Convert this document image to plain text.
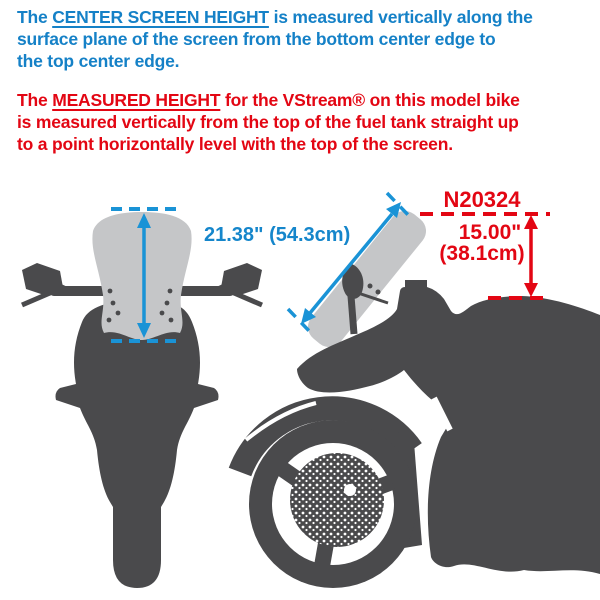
21.38" (54.3cm)
N20324
15.00"
(38.1cm)
The CENTER SCREEN HEIGHT is measured vertically along the
surface plane of the screen from the bottom center edge to
the top center edge.
The MEASURED HEIGHT for the VStream® on this model bike
is measured vertically from the top of the fuel tank straight up
to a point horizontally level with the top of the screen.
